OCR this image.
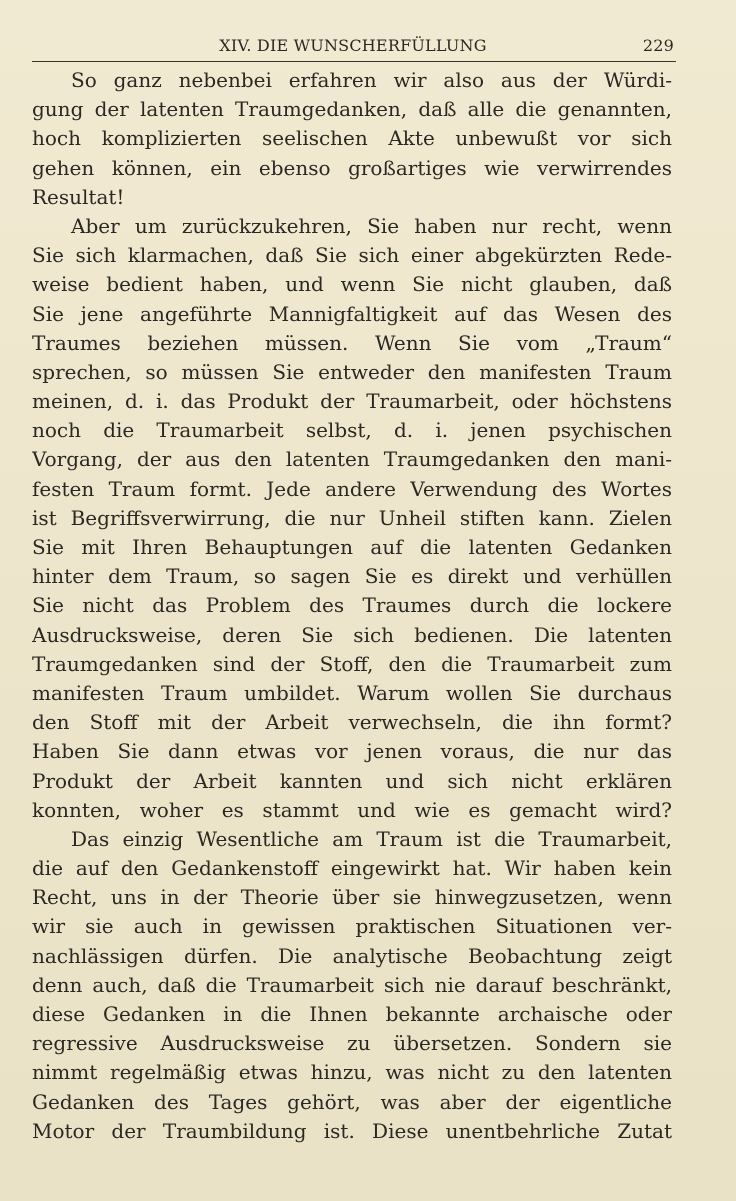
XIV. DIE WUNSCHERFÜLLUNG	229
So ganz nebenbei erfahren wir also aus der Würdi-
gung der latenten Traumgedanken, daß alle die genannten,
hoch komplizierten seelischen Akte unbewußt vor sich
gehen können, ein ebenso großartiges wie verwirrendes
Resultat!
Aber um zurückzukehren, Sie haben nur recht, wenn
Sie sich klarmachen, daß Sie sich einer abgekürzten Rede-
weise bedient haben, und wenn Sie nicht glauben, daß
Sie jene angeführte Mannigfaltigkeit auf das Wesen des
Traumes beziehen müssen. Wenn Sie vom „Traum“
sprechen, so müssen Sie entweder den manifesten Traum
meinen, d. i. das Produkt der Traumarbeit, oder höchstens
noch die Traumarbeit selbst, d. i. jenen psychischen
Vorgang, der aus den latenten Traumgedanken den mani-
festen Traum formt. Jede andere Verwendung des Wortes
ist Begriffsverwirrung, die nur Unheil stiften kann. Zielen
Sie mit Ihren Behauptungen auf die latenten Gedanken
hinter dem Traum, so sagen Sie es direkt und verhüllen
Sie nicht das Problem des Traumes durch die lockere
Ausdrucksweise, deren Sie sich bedienen. Die latenten
Traumgedanken sind der Stoff, den die Traumarbeit zum
manifesten Traum umbildet. Warum wollen Sie durchaus
den Stoff mit der Arbeit verwechseln, die ihn formt?
Haben Sie dann etwas vor jenen voraus, die nur das
Produkt der Arbeit kannten und sich nicht erklären
konnten, woher es stammt und wie es gemacht wird?
Das einzig Wesentliche am Traum ist die Traumarbeit,
die auf den Gedankenstoff eingewirkt hat. Wir haben kein
Recht, uns in der Theorie über sie hinwegzusetzen, wenn
wir sie auch in gewissen praktischen Situationen ver-
nachlässigen dürfen. Die analytische Beobachtung zeigt
denn auch, daß die Traumarbeit sich nie darauf beschränkt,
diese Gedanken in die Ihnen bekannte archaische oder
regressive Ausdrucksweise zu übersetzen. Sondern sie
nimmt regelmäßig etwas hinzu, was nicht zu den latenten
Gedanken des Tages gehört, was aber der eigentliche
Motor der Traumbildung ist. Diese unentbehrliche Zutat
